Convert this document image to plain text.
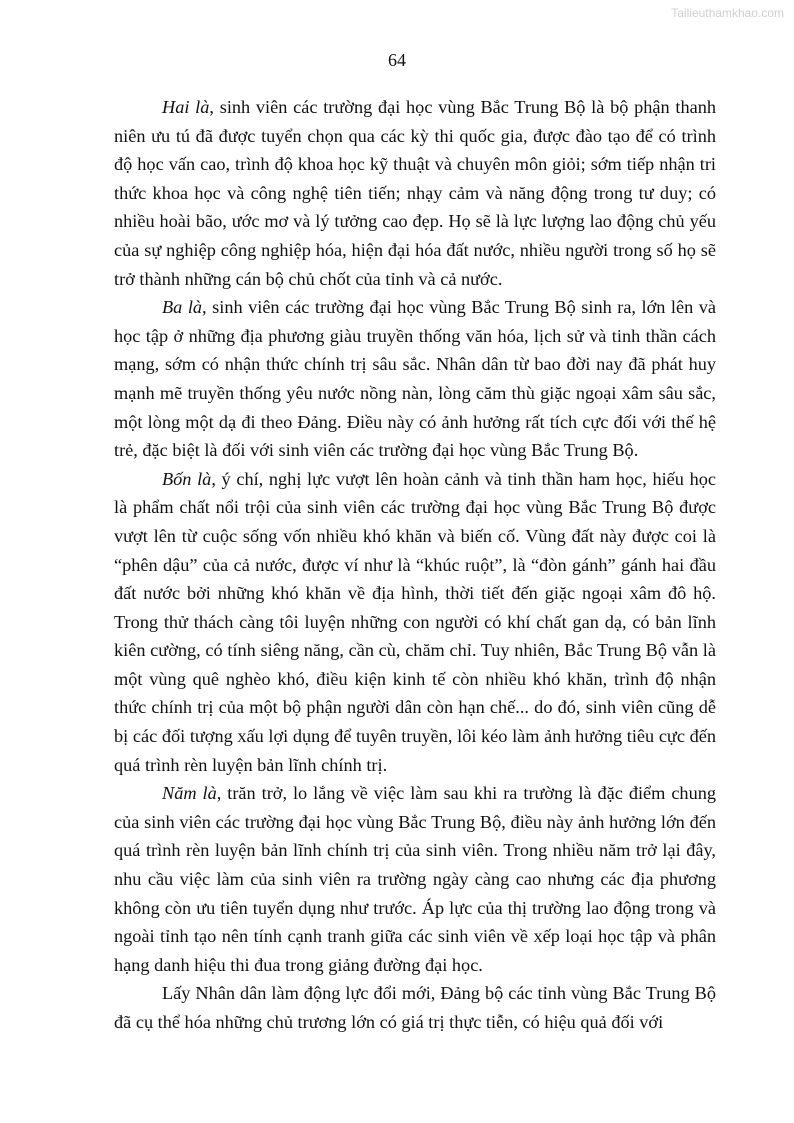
Tailieuthamkhao.com
64

Hai là, sinh viên các trường đại học vùng Bắc Trung Bộ là bộ phận thanh niên ưu tú đã được tuyển chọn qua các kỳ thi quốc gia, được đào tạo để có trình độ học vấn cao, trình độ khoa học kỹ thuật và chuyên môn giỏi; sớm tiếp nhận tri thức khoa học và công nghệ tiên tiến; nhạy cảm và năng động trong tư duy; có nhiều hoài bão, ước mơ và lý tưởng cao đẹp. Họ sẽ là lực lượng lao động chủ yếu của sự nghiệp công nghiệp hóa, hiện đại hóa đất nước, nhiều người trong số họ sẽ trở thành những cán bộ chủ chốt của tỉnh và cả nước.

Ba là, sinh viên các trường đại học vùng Bắc Trung Bộ sinh ra, lớn lên và học tập ở những địa phương giàu truyền thống văn hóa, lịch sử và tinh thần cách mạng, sớm có nhận thức chính trị sâu sắc. Nhân dân từ bao đời nay đã phát huy mạnh mẽ truyền thống yêu nước nồng nàn, lòng căm thù giặc ngoại xâm sâu sắc, một lòng một dạ đi theo Đảng. Điều này có ảnh hưởng rất tích cực đối với thế hệ trẻ, đặc biệt là đối với sinh viên các trường đại học vùng Bắc Trung Bộ.

Bốn là, ý chí, nghị lực vượt lên hoàn cảnh và tinh thần ham học, hiếu học là phẩm chất nổi trội của sinh viên các trường đại học vùng Bắc Trung Bộ được vượt lên từ cuộc sống vốn nhiều khó khăn và biến cố. Vùng đất này được coi là “phên dậu” của cả nước, được ví như là “khúc ruột”, là “đòn gánh” gánh hai đầu đất nước bởi những khó khăn về địa hình, thời tiết đến giặc ngoại xâm đô hộ. Trong thử thách càng tôi luyện những con người có khí chất gan dạ, có bản lĩnh kiên cường, có tính siêng năng, cần cù, chăm chỉ. Tuy nhiên, Bắc Trung Bộ vẫn là một vùng quê nghèo khó, điều kiện kinh tế còn nhiều khó khăn, trình độ nhận thức chính trị của một bộ phận người dân còn hạn chế... do đó, sinh viên cũng dễ bị các đối tượng xấu lợi dụng để tuyên truyền, lôi kéo làm ảnh hưởng tiêu cực đến quá trình rèn luyện bản lĩnh chính trị.

Năm là, trăn trở, lo lắng về việc làm sau khi ra trường là đặc điểm chung của sinh viên các trường đại học vùng Bắc Trung Bộ, điều này ảnh hưởng lớn đến quá trình rèn luyện bản lĩnh chính trị của sinh viên. Trong nhiều năm trở lại đây, nhu cầu việc làm của sinh viên ra trường ngày càng cao nhưng các địa phương không còn ưu tiên tuyển dụng như trước. Áp lực của thị trường lao động trong và ngoài tỉnh tạo nên tính cạnh tranh giữa các sinh viên về xếp loại học tập và phân hạng danh hiệu thi đua trong giảng đường đại học.

Lấy Nhân dân làm động lực đổi mới, Đảng bộ các tỉnh vùng Bắc Trung Bộ đã cụ thể hóa những chủ trương lớn có giá trị thực tiễn, có hiệu quả đối với
